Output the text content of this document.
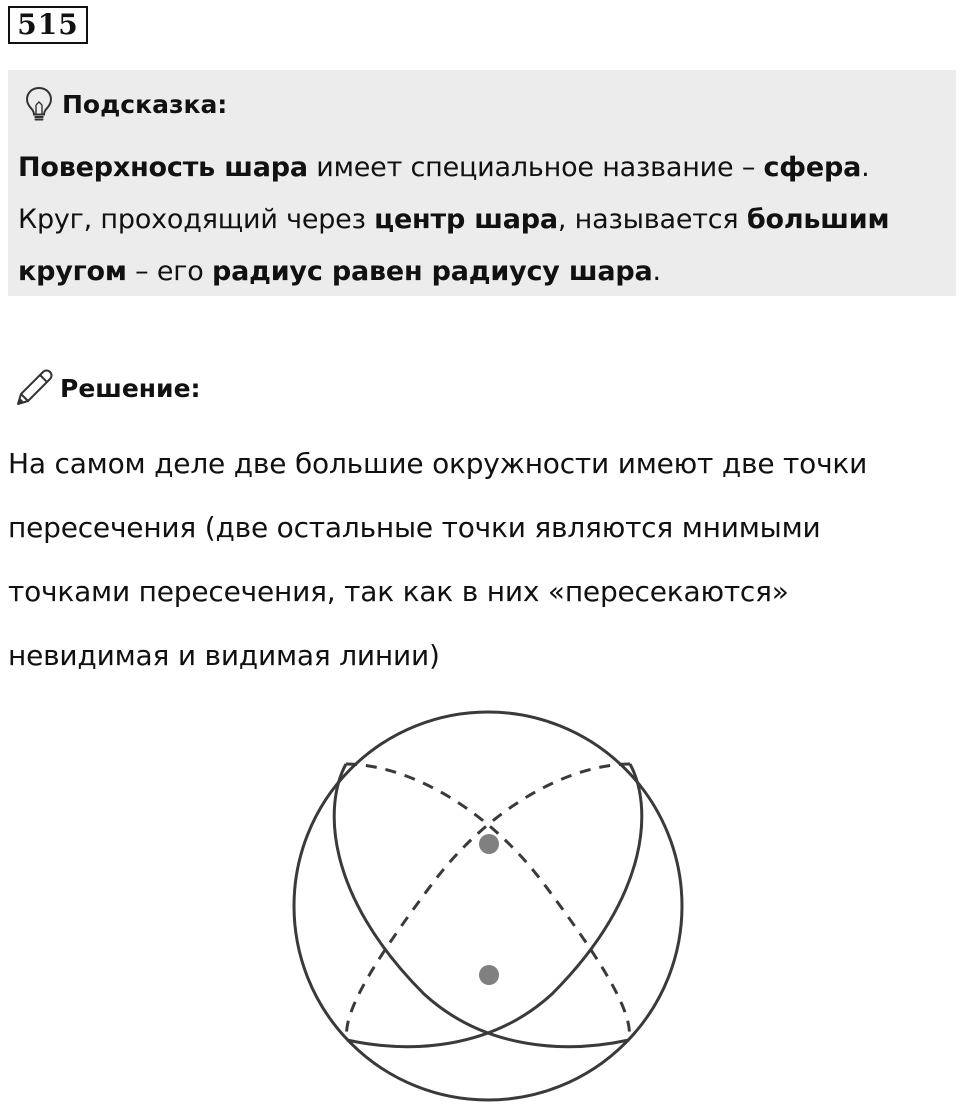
515
Подсказка:
Поверхность шара имеет специальное название – сфера.
Круг, проходящий через центр шара, называется большим
кругом – его радиус равен радиусу шара.
Решение:
На самом деле две большие окружности имеют две точки
пересечения (две остальные точки являются мнимыми
точками пересечения, так как в них «пересекаются»
невидимая и видимая линии)
